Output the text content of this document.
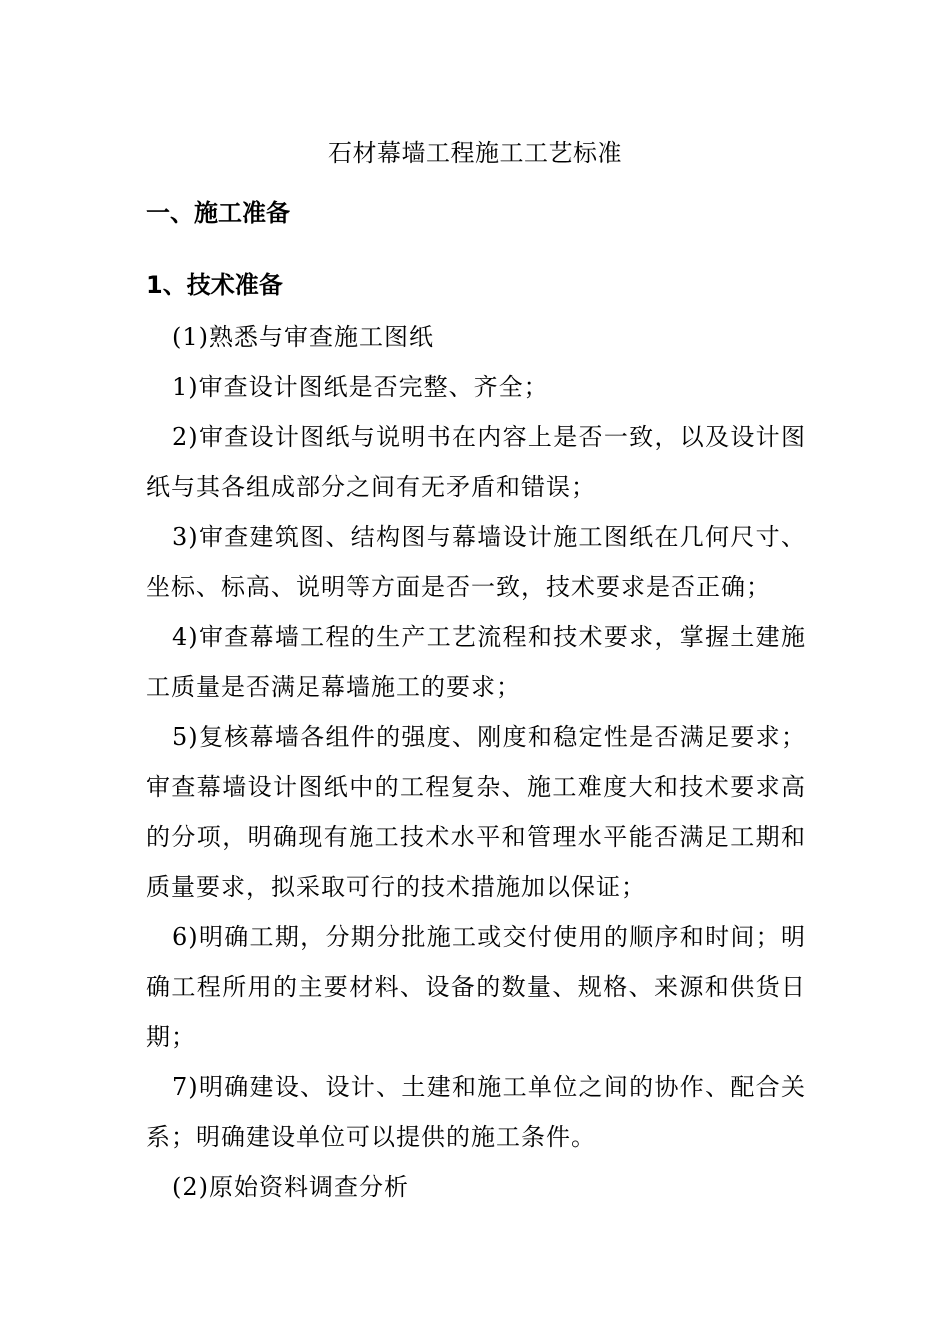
石材幕墙工程施工工艺标准
一、施工准备
1、技术准备

(1)熟悉与审查施工图纸

1)审查设计图纸是否完整、齐全；

2)审查设计图纸与说明书在内容上是否一致，以及设计图纸与其各组成部分之间有无矛盾和错误；

3)审查建筑图、结构图与幕墙设计施工图纸在几何尺寸、坐标、标高、说明等方面是否一致，技术要求是否正确；

4)审查幕墙工程的生产工艺流程和技术要求，掌握土建施工质量是否满足幕墙施工的要求；

5)复核幕墙各组件的强度、刚度和稳定性是否满足要求；审查幕墙设计图纸中的工程复杂、施工难度大和技术要求高的分项，明确现有施工技术水平和管理水平能否满足工期和质量要求，拟采取可行的技术措施加以保证；

6)明确工期，分期分批施工或交付使用的顺序和时间；明确工程所用的主要材料、设备的数量、规格、来源和供货日期；

7)明确建设、设计、土建和施工单位之间的协作、配合关系；明确建设单位可以提供的施工条件。

(2)原始资料调查分析
